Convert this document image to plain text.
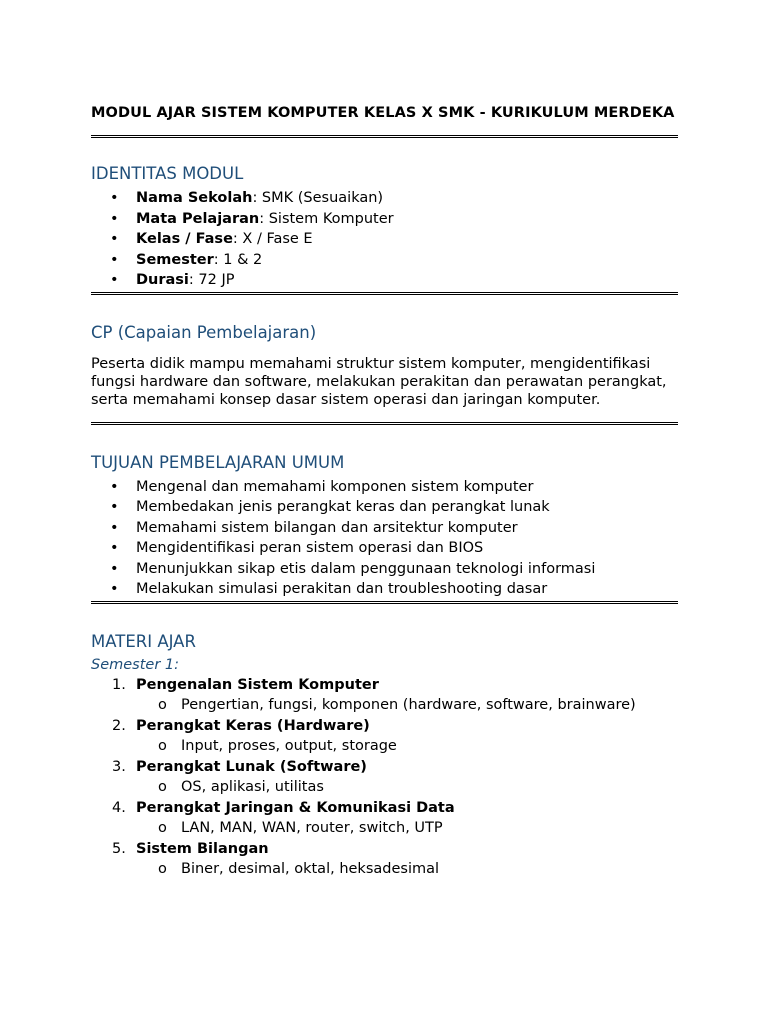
MODUL AJAR SISTEM KOMPUTER KELAS X SMK - KURIKULUM MERDEKA
IDENTITAS MODUL
• Nama Sekolah: SMK (Sesuaikan)
• Mata Pelajaran: Sistem Komputer
• Kelas / Fase: X / Fase E
• Semester: 1 & 2
• Durasi: 72 JP
CP (Capaian Pembelajaran)

Peserta didik mampu memahami struktur sistem komputer, mengidentifikasi fungsi hardware dan software, melakukan perakitan dan perawatan perangkat, serta memahami konsep dasar sistem operasi dan jaringan komputer.

TUJUAN PEMBELAJARAN UMUM
• Mengenal dan memahami komponen sistem komputer
• Membedakan jenis perangkat keras dan perangkat lunak
• Memahami sistem bilangan dan arsitektur komputer
• Mengidentifikasi peran sistem operasi dan BIOS
• Menunjukkan sikap etis dalam penggunaan teknologi informasi
• Melakukan simulasi perakitan dan troubleshooting dasar
MATERI AJAR
Semester 1:
1. Pengenalan Sistem Komputer
o Pengertian, fungsi, komponen (hardware, software, brainware)
2. Perangkat Keras (Hardware)
o Input, proses, output, storage
3. Perangkat Lunak (Software)
o OS, aplikasi, utilitas
4. Perangkat Jaringan & Komunikasi Data
o LAN, MAN, WAN, router, switch, UTP
5. Sistem Bilangan
o Biner, desimal, oktal, heksadesimal
